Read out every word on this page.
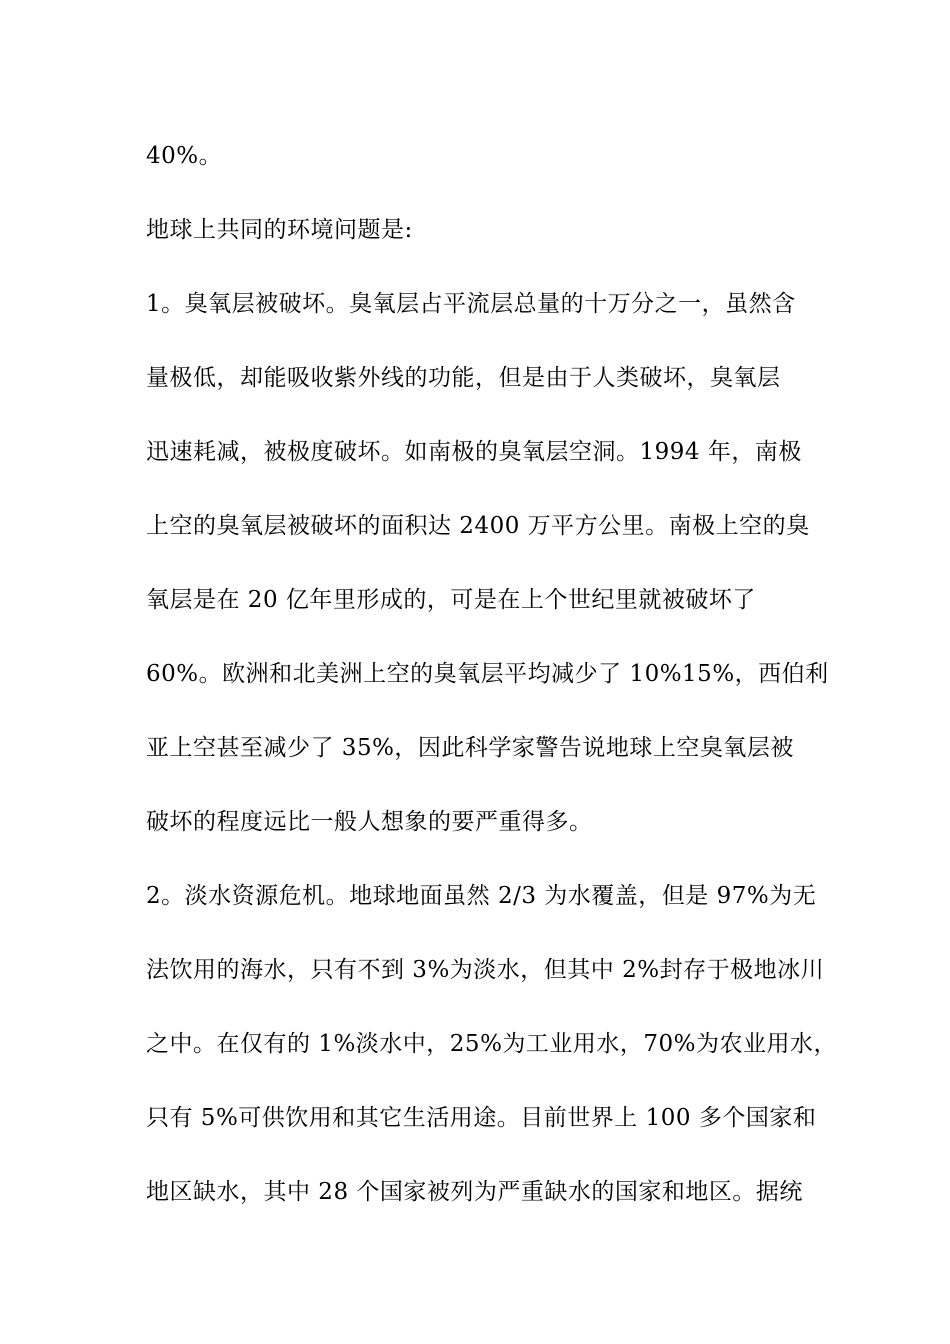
40%。
地球上共同的环境问题是:
1。臭氧层被破坏。臭氧层占平流层总量的十万分之一，虽然含
量极低，却能吸收紫外线的功能，但是由于人类破坏，臭氧层
迅速耗减，被极度破坏。如南极的臭氧层空洞。1994 年，南极
上空的臭氧层被破坏的面积达 2400 万平方公里。南极上空的臭
氧层是在 20 亿年里形成的，可是在上个世纪里就被破坏了
60%。欧洲和北美洲上空的臭氧层平均减少了 10%15%，西伯利
亚上空甚至减少了 35%，因此科学家警告说地球上空臭氧层被
破坏的程度远比一般人想象的要严重得多。
2。淡水资源危机。地球地面虽然 2/3 为水覆盖，但是 97%为无
法饮用的海水，只有不到 3%为淡水，但其中 2%封存于极地冰川
之中。在仅有的 1%淡水中，25%为工业用水，70%为农业用水，
只有 5%可供饮用和其它生活用途。目前世界上 100 多个国家和
地区缺水，其中 28 个国家被列为严重缺水的国家和地区。据统
